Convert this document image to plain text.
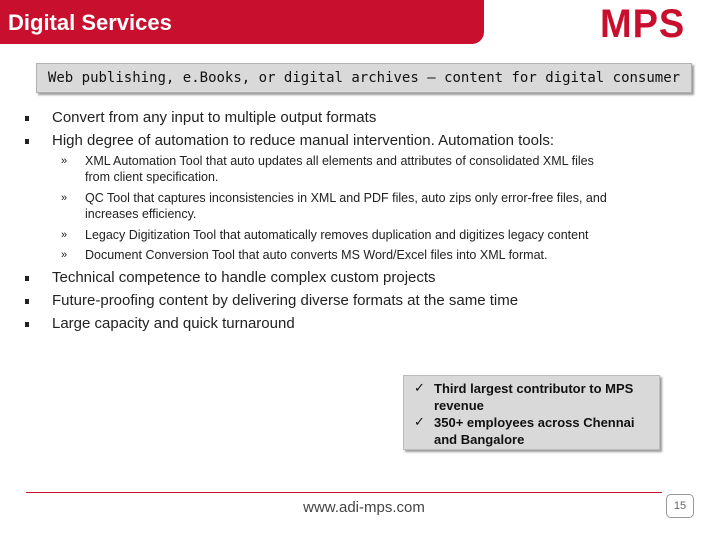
Digital Services	MPS
Web publishing, e.Books, or digital archives – content for digital consumer
Convert from any input to multiple output formats
High degree of automation to reduce manual intervention. Automation tools:
» XML Automation Tool that auto updates all elements and attributes of consolidated XML files
from client specification.
» QC Tool that captures inconsistencies in XML and PDF files, auto zips only error-free files, and
increases efficiency.
» Legacy Digitization Tool that automatically removes duplication and digitizes legacy content
» Document Conversion Tool that auto converts MS Word/Excel files into XML format.
Technical competence to handle complex custom projects
Future-proofing content by delivering diverse formats at the same time
Large capacity and quick turnaround
✓ Third largest contributor to MPS
revenue
✓ 350+ employees across Chennai
and Bangalore
www.adi-mps.com	15
